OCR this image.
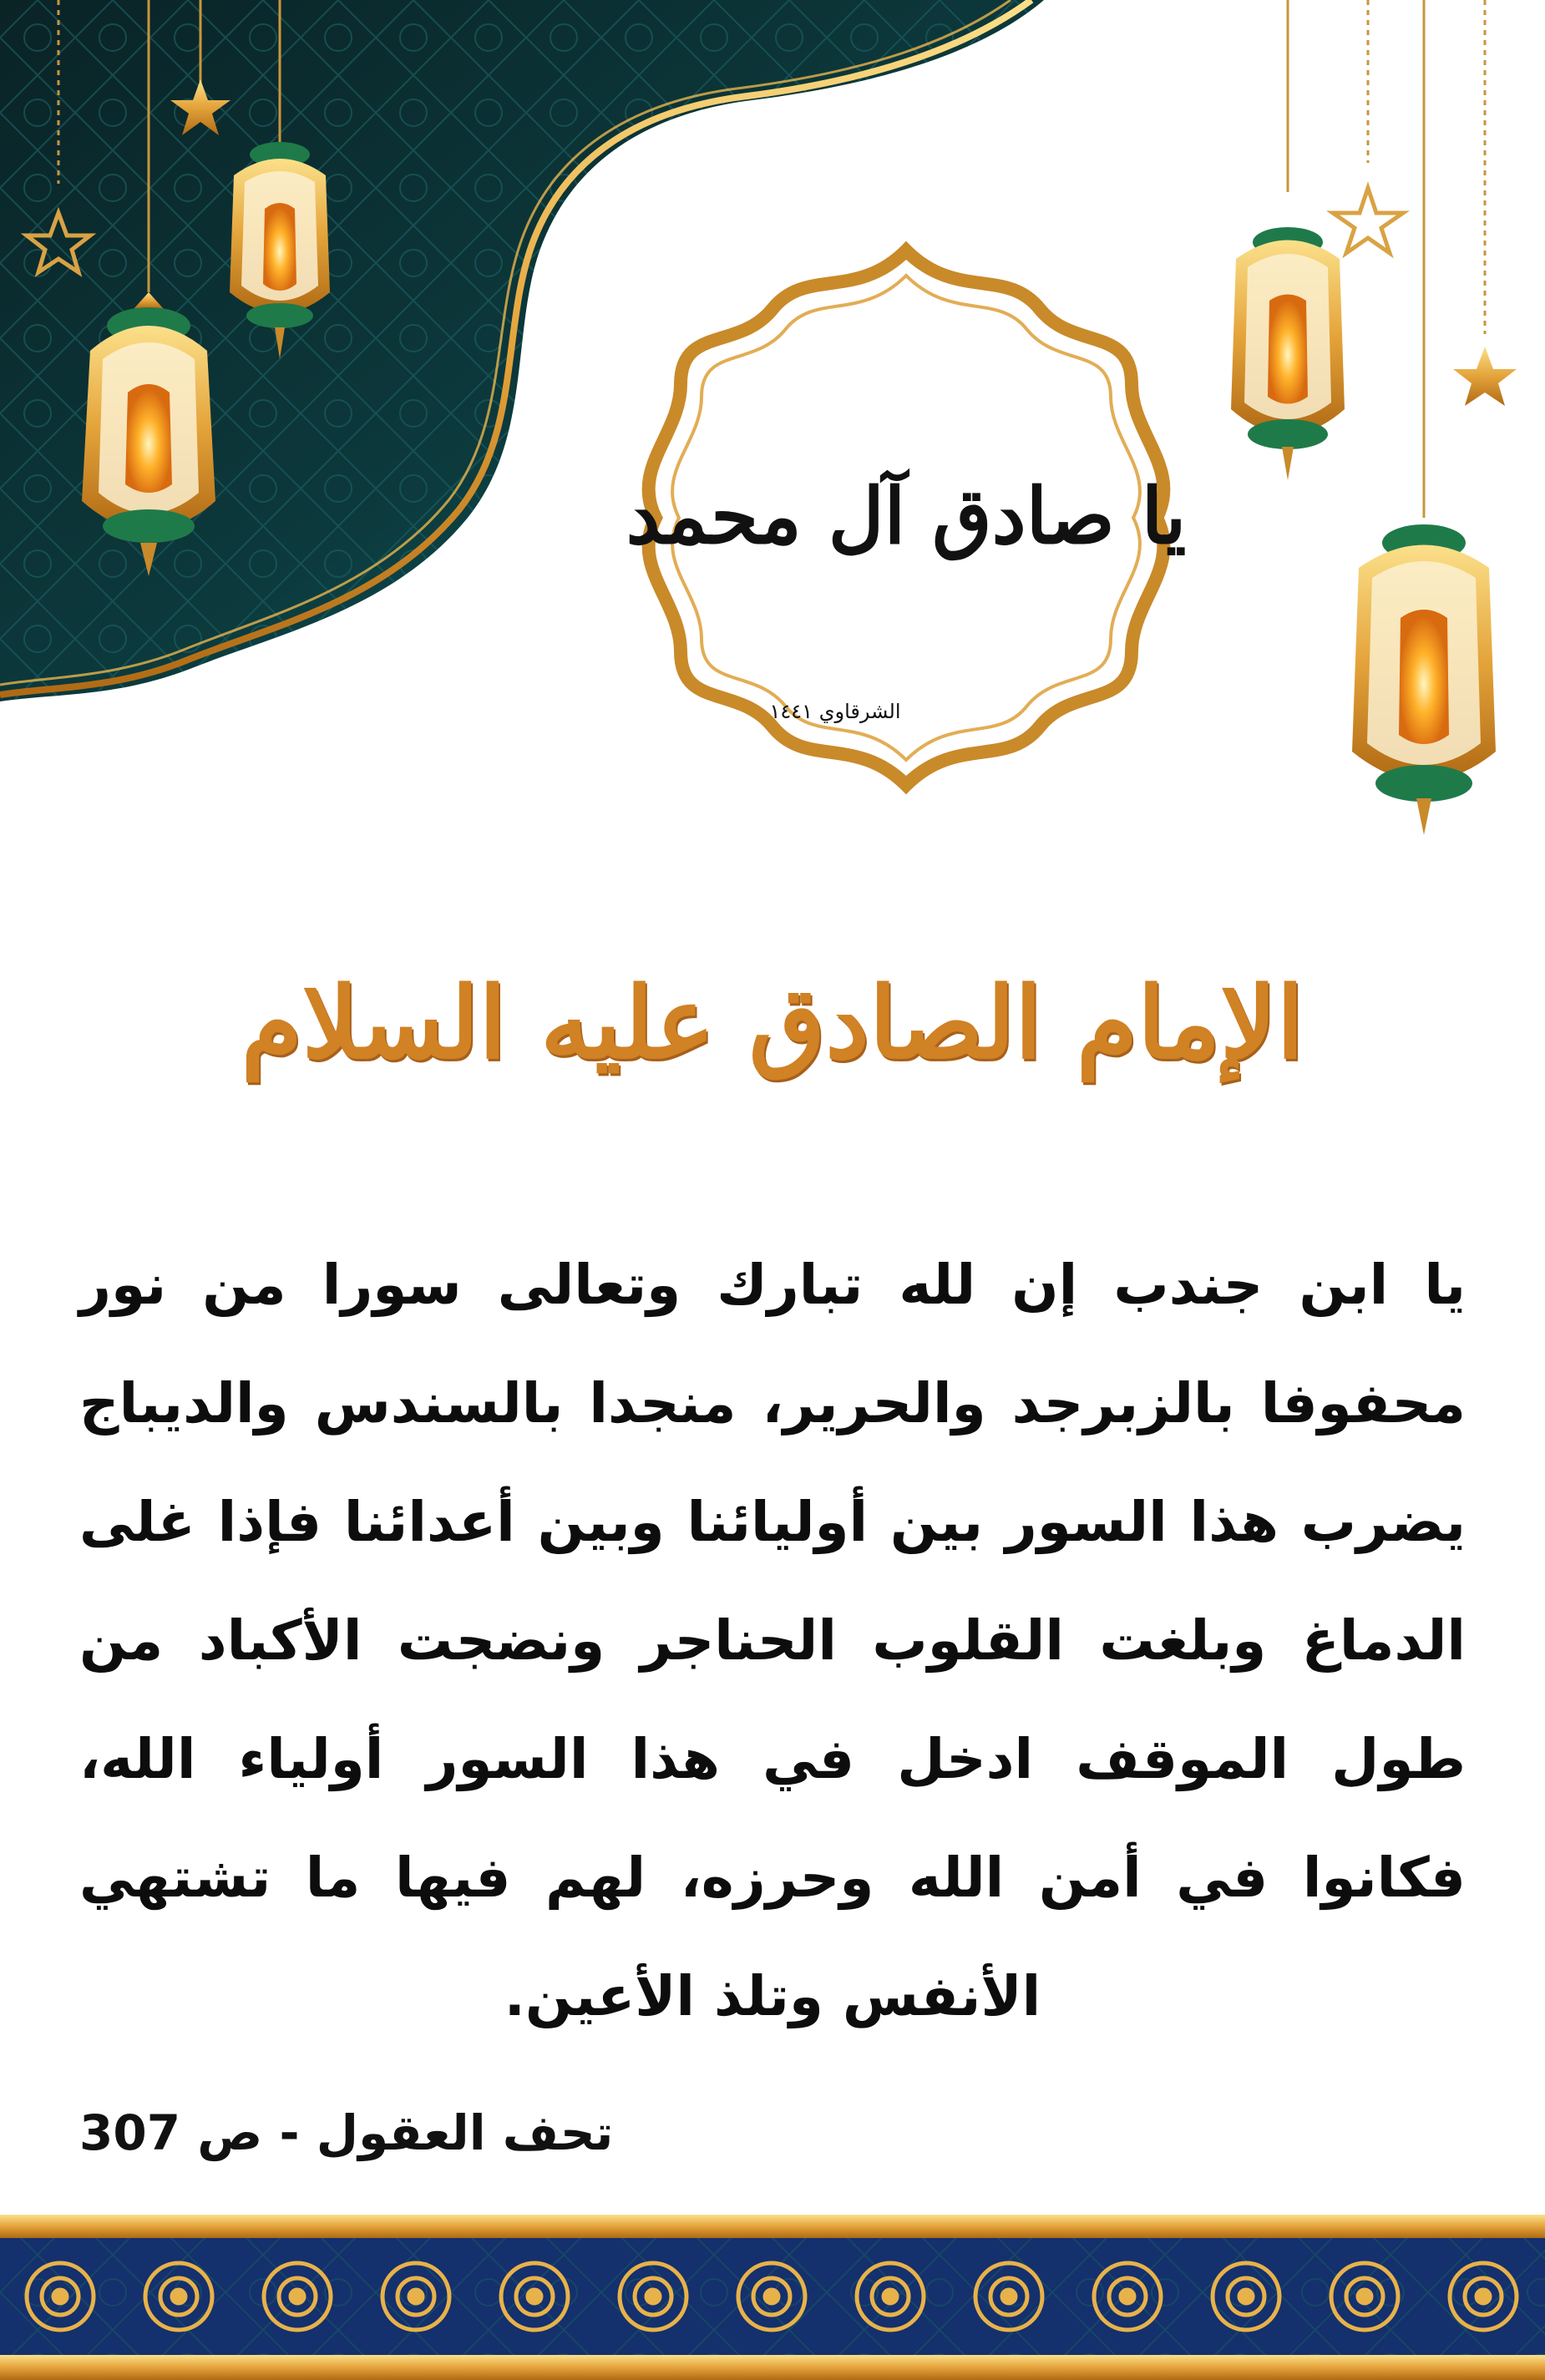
يا صادق آل محمد
الشرقاوي ١٤٤١
الإمام الصادق عليه السلام
يا ابن جندب إن لله تبارك وتعالى سورا من نور محفوفا بالزبرجد والحرير، منجدا بالسندس والديباج يضرب هذا السور بين أوليائنا وبين أعدائنا فإذا غلى الدماغ وبلغت القلوب الحناجر ونضجت الأكباد من طول الموقف ادخل في هذا السور أولياء الله، فكانوا في أمن الله وحرزه، لهم فيها ما تشتهي الأنفس وتلذ الأعين.
تحف العقول - ص 307
